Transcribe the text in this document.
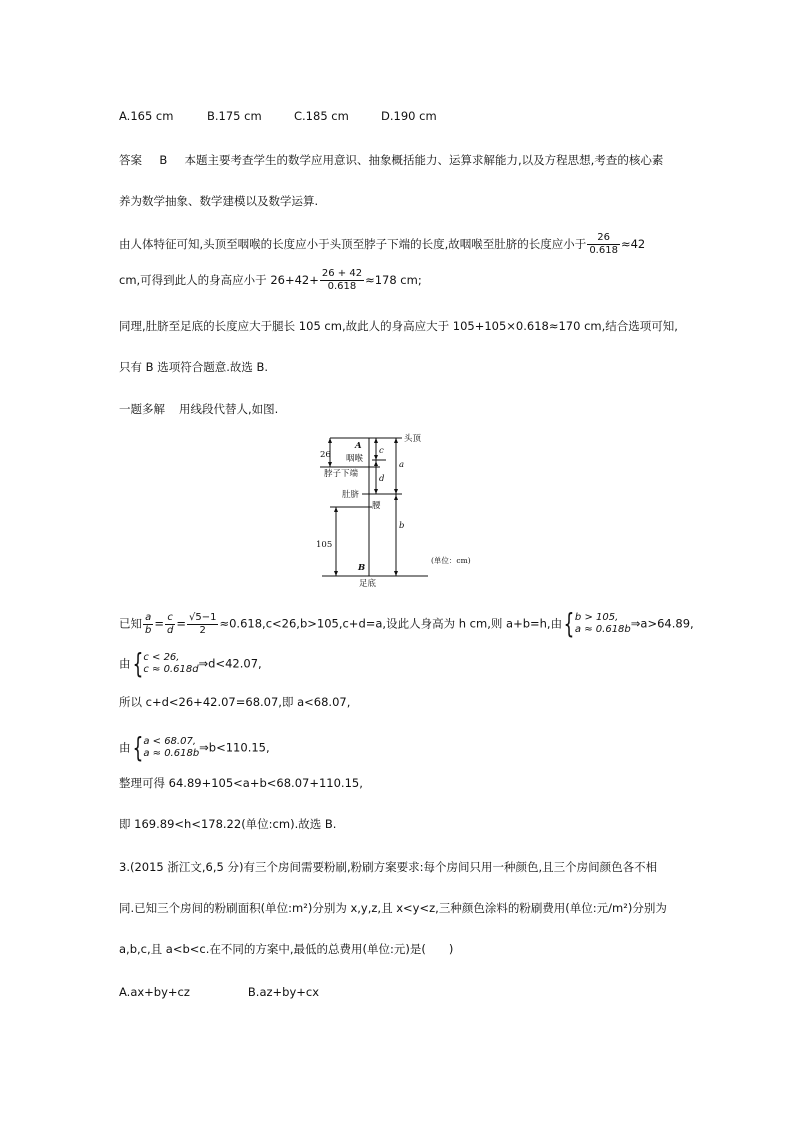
A.165 cm	B.175 cm	C.185 cm	D.190 cm
答案 B 本题主要考查学生的数学应用意识、抽象概括能力、运算求解能力,以及方程思想,考查的核心素
养为数学抽象、数学建模以及数学运算.
由人体特征可知,头顶至咽喉的长度应小于头顶至脖子下端的长度,故咽喉至肚脐的长度应小于 $\frac{26}{0.618} \approx 42$
cm,可得到此人的身高应小于 $26+42+ \frac{26 + 42}{0.618} \approx 178$ cm;
同理,肚脐至足底的长度应大于腿长 105 cm,故此人的身高应大于 105+105×0.618≈170 cm,结合选项可知,
只有 B 选项符合题意.故选 B.
一题多解 用线段代替人,如图.
头顶
A
咽喉
脖子下端
肚脐
腰
B
足底
26
105
a
b
c
d
(单位：cm)
已知 $\frac{a}{b} = \frac{c}{d} = \frac{√5-1}{2} \approx 0.618,c<26,b>105,c+d=a$,设此人身高为 h cm,则 a+b=h,由{ b > 105,
a ≈ 0.618b ⇒a>64.89,
由{ c < 26,
c ≈ 0.618d ⇒d<42.07,
所以 c+d<26+42.07=68.07,即 a<68.07,
由{ a < 68.07,
a ≈ 0.618b ⇒b<110.15,
整理可得 64.89+105<a+b<68.07+110.15,
即 169.89<h<178.22(单位:cm).故选 B.
3.(2015 浙江文,6,5 分)有三个房间需要粉刷,粉刷方案要求:每个房间只用一种颜色,且三个房间颜色各不相
同.已知三个房间的粉刷面积(单位:m²)分别为 x,y,z,且 x<y<z,三种颜色涂料的粉刷费用(单位:元/m²)分别为
a,b,c,且 a<b<c.在不同的方案中,最低的总费用(单位:元)是(　　)
A.ax+by+cz	B.az+by+cx
